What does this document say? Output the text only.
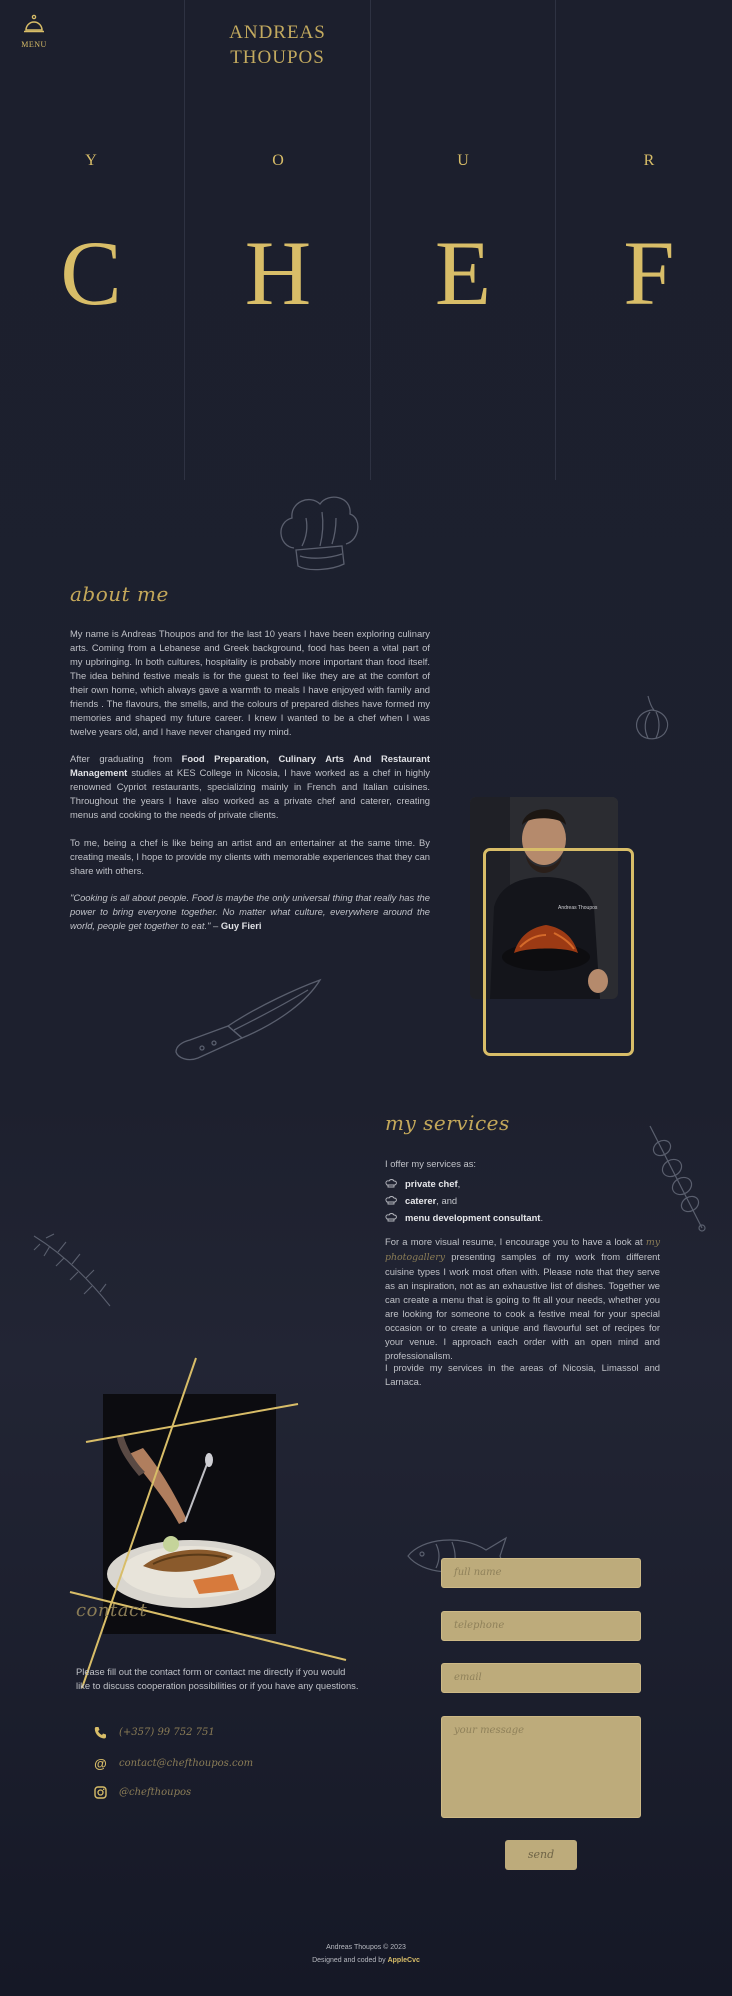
MENU
ANDREAS
THOUPOS
Y	O	U	R
C	H	E	F
about me

My name is Andreas Thoupos and for the last 10 years I have been exploring culinary arts. Coming from a Lebanese and Greek background, food has been a vital part of my upbringing. In both cultures, hospitality is probably more important than food itself. The idea behind festive meals is for the guest to feel like they are at the comfort of their own home, which always gave a warmth to meals I have enjoyed with family and friends . The flavours, the smells, and the colours of prepared dishes have formed my memories and shaped my future career. I knew I wanted to be a chef when I was twelve years old, and I have never changed my mind.

After graduating from Food Preparation, Culinary Arts And Restaurant Management studies at KES College in Nicosia, I have worked as a chef in highly renowned Cypriot restaurants, specializing mainly in French and Italian cuisines. Throughout the years I have also worked as a private chef and caterer, creating menus and cooking to the needs of private clients.

To me, being a chef is like being an artist and an entertainer at the same time. By creating meals, I hope to provide my clients with memorable experiences that they can share with others.

"Cooking is all about people. Food is maybe the only universal thing that really has the power to bring everyone together. No matter what culture, everywhere around the world, people get together to eat." – Guy Fieri

Andreas Thoupos
my services
I offer my services as:
private chef,
caterer, and
menu development consultant.

For a more visual resume, I encourage you to have a look at my photogallery presenting samples of my work from different cuisine types I work most often with. Please note that they serve as an inspiration, not as an exhaustive list of dishes. Together we can create a menu that is going to fit all your needs, whether you are looking for someone to cook a festive meal for your special occasion or to create a unique and flavourful set of recipes for your venue. I approach each order with an open mind and professionalism.

I provide my services in the areas of Nicosia, Limassol and Larnaca.

contact

Please fill out the contact form or contact me directly if you would like to discuss cooperation possibilities or if you have any questions.

(+357) 99 752 751
@ contact@chefthoupos.com
@chefthoupos
full name
telephone
email
your message
send
Andreas Thoupos © 2023
Designed and coded by AppleCvc
